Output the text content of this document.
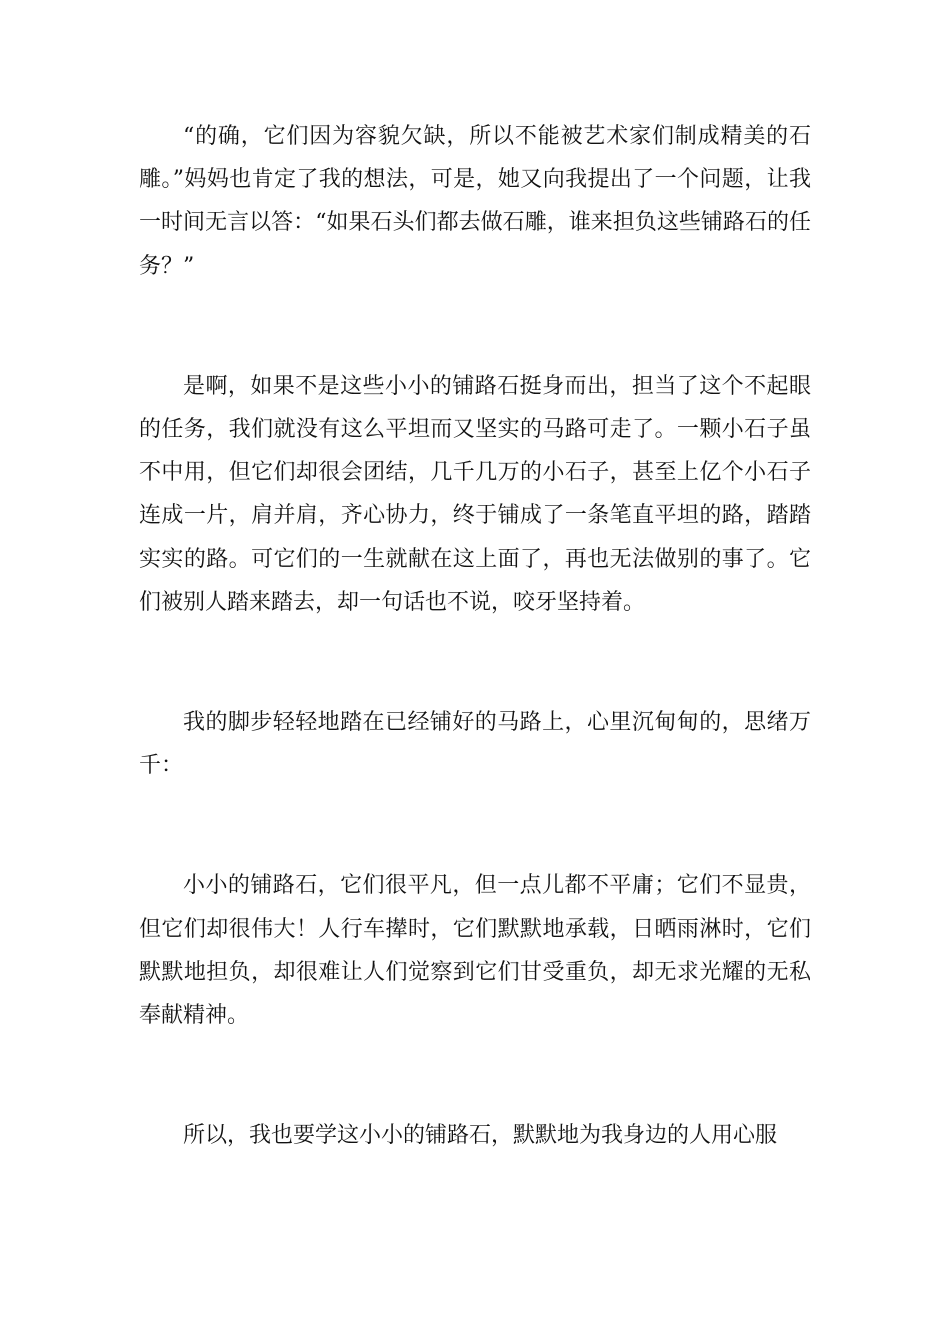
“的确，它们因为容貌欠缺，所以不能被艺术家们制成精美的石雕。”妈妈也肯定了我的想法，可是，她又向我提出了一个问题，让我一时间无言以答：“如果石头们都去做石雕，谁来担负这些铺路石的任务？”

是啊，如果不是这些小小的铺路石挺身而出，担当了这个不起眼的任务，我们就没有这么平坦而又坚实的马路可走了。一颗小石子虽不中用，但它们却很会团结，几千几万的小石子，甚至上亿个小石子连成一片，肩并肩，齐心协力，终于铺成了一条笔直平坦的路，踏踏实实的路。可它们的一生就献在这上面了，再也无法做别的事了。它们被别人踏来踏去，却一句话也不说，咬牙坚持着。

我的脚步轻轻地踏在已经铺好的马路上，心里沉甸甸的，思绪万千：

小小的铺路石，它们很平凡，但一点儿都不平庸；它们不显贵，但它们却很伟大！人行车撵时，它们默默地承载，日晒雨淋时，它们默默地担负，却很难让人们觉察到它们甘受重负，却无求光耀的无私奉献精神。

所以，我也要学这小小的铺路石，默默地为我身边的人用心服
